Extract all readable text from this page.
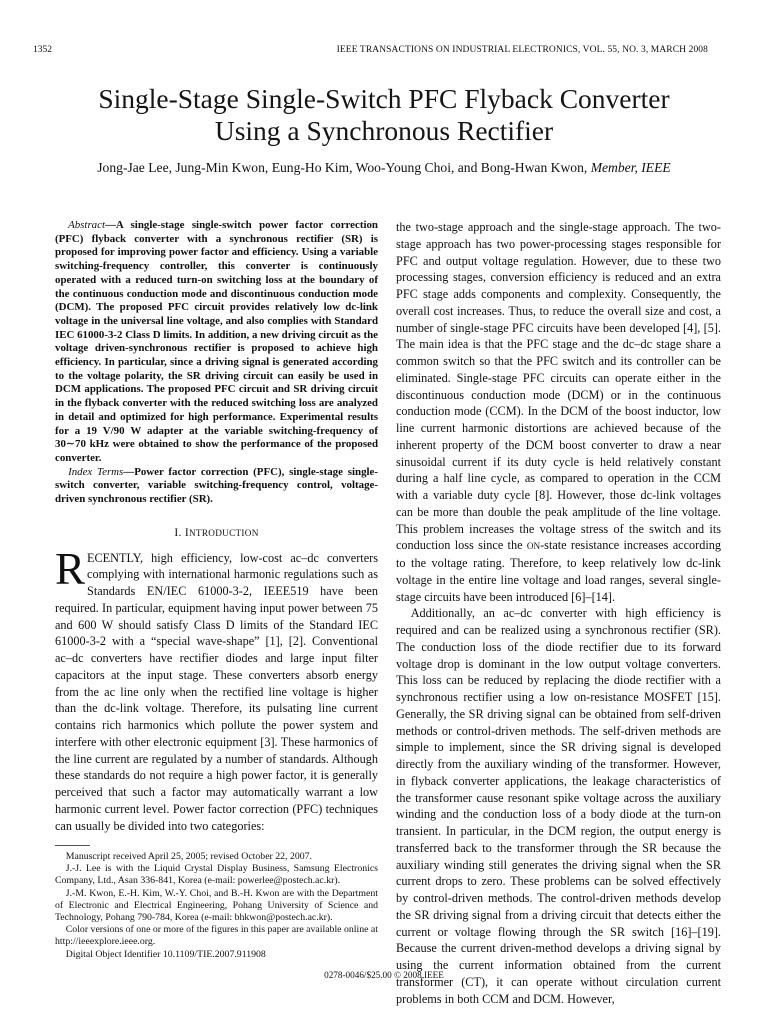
1352	IEEE TRANSACTIONS ON INDUSTRIAL ELECTRONICS, VOL. 55, NO. 3, MARCH 2008
Single-Stage Single-Switch PFC Flyback Converter
Using a Synchronous Rectifier
Jong-Jae Lee, Jung-Min Kwon, Eung-Ho Kim, Woo-Young Choi, and Bong-Hwan Kwon, Member, IEEE

Abstract—A single-stage single-switch power factor correction (PFC) flyback converter with a synchronous rectifier (SR) is proposed for improving power factor and efficiency. Using a variable switching-frequency controller, this converter is continuously operated with a reduced turn-on switching loss at the boundary of the continuous conduction mode and discontinuous conduction mode (DCM). The proposed PFC circuit provides relatively low dc-link voltage in the universal line voltage, and also complies with Standard IEC 61000-3-2 Class D limits. In addition, a new driving circuit as the voltage driven-synchronous rectifier is proposed to achieve high efficiency. In particular, since a driving signal is generated according to the voltage polarity, the SR driving circuit can easily be used in DCM applications. The proposed PFC circuit and SR driving circuit in the flyback converter with the reduced switching loss are analyzed in detail and optimized for high performance. Experimental results for a 19 V/90 W adapter at the variable switching-frequency of 30∼70 kHz were obtained to show the performance of the proposed converter.

Index Terms—Power factor correction (PFC), single-stage single-switch converter, variable switching-frequency control, voltage-driven synchronous rectifier (SR).

I. INTRODUCTION

RECENTLY, high efficiency, low-cost ac–dc converters complying with international harmonic regulations such as Standards EN/IEC 61000-3-2, IEEE519 have been required. In particular, equipment having input power between 75 and 600 W should satisfy Class D limits of the Standard IEC 61000-3-2 with a “special wave-shape” [1], [2]. Conventional ac–dc converters have rectifier diodes and large input filter capacitors at the input stage. These converters absorb energy from the ac line only when the rectified line voltage is higher than the dc-link voltage. Therefore, its pulsating line current contains rich harmonics which pollute the power system and interfere with other electronic equipment [3]. These harmonics of the line current are regulated by a number of standards. Although these standards do not require a high power factor, it is generally perceived that such a factor may automatically warrant a low harmonic current level. Power factor correction (PFC) techniques can usually be divided into two categories:

the two-stage approach and the single-stage approach. The two-stage approach has two power-processing stages responsible for PFC and output voltage regulation. However, due to these two processing stages, conversion efficiency is reduced and an extra PFC stage adds components and complexity. Consequently, the overall cost increases. Thus, to reduce the overall size and cost, a number of single-stage PFC circuits have been developed [4], [5]. The main idea is that the PFC stage and the dc–dc stage share a common switch so that the PFC switch and its controller can be eliminated. Single-stage PFC circuits can operate either in the discontinuous conduction mode (DCM) or in the continuous conduction mode (CCM). In the DCM of the boost inductor, low line current harmonic distortions are achieved because of the inherent property of the DCM boost converter to draw a near sinusoidal current if its duty cycle is held relatively constant during a half line cycle, as compared to operation in the CCM with a variable duty cycle [8]. However, those dc-link voltages can be more than double the peak amplitude of the line voltage. This problem increases the voltage stress of the switch and its conduction loss since the ON-state resistance increases according to the voltage rating. Therefore, to keep relatively low dc-link voltage in the entire line voltage and load ranges, several single-stage circuits have been introduced [6]–[14].

Additionally, an ac–dc converter with high efficiency is required and can be realized using a synchronous rectifier (SR). The conduction loss of the diode rectifier due to its forward voltage drop is dominant in the low output voltage converters. This loss can be reduced by replacing the diode rectifier with a synchronous rectifier using a low on-resistance MOSFET [15]. Generally, the SR driving signal can be obtained from self-driven methods or control-driven methods. The self-driven methods are simple to implement, since the SR driving signal is developed directly from the auxiliary winding of the transformer. However, in flyback converter applications, the leakage characteristics of the transformer cause resonant spike voltage across the auxiliary winding and the conduction loss of a body diode at the turn-on transient. In particular, in the DCM region, the output energy is transferred back to the transformer through the SR because the auxiliary winding still generates the driving signal when the SR current drops to zero. These problems can be solved effectively by control-driven methods. The control-driven methods develop the SR driving signal from a driving circuit that detects either the current or voltage flowing through the SR switch [16]–[19]. Because the current driven-method develops a driving signal by using the current information obtained from the current transformer (CT), it can operate without circulation current problems in both CCM and DCM. However,

Manuscript received April 25, 2005; revised October 22, 2007.

J.-J. Lee is with the Liquid Crystal Display Business, Samsung Electronics Company, Ltd., Asan 336-841, Korea (e-mail: powerlee@postech.ac.kr).

J.-M. Kwon, E.-H. Kim, W.-Y. Choi, and B.-H. Kwon are with the Department of Electronic and Electrical Engineering, Pohang University of Science and Technology, Pohang 790-784, Korea (e-mail: bhkwon@postech.ac.kr).

Color versions of one or more of the figures in this paper are available online at http://ieeexplore.ieee.org.

Digital Object Identifier 10.1109/TIE.2007.911908

0278-0046/$25.00 © 2008 IEEE
